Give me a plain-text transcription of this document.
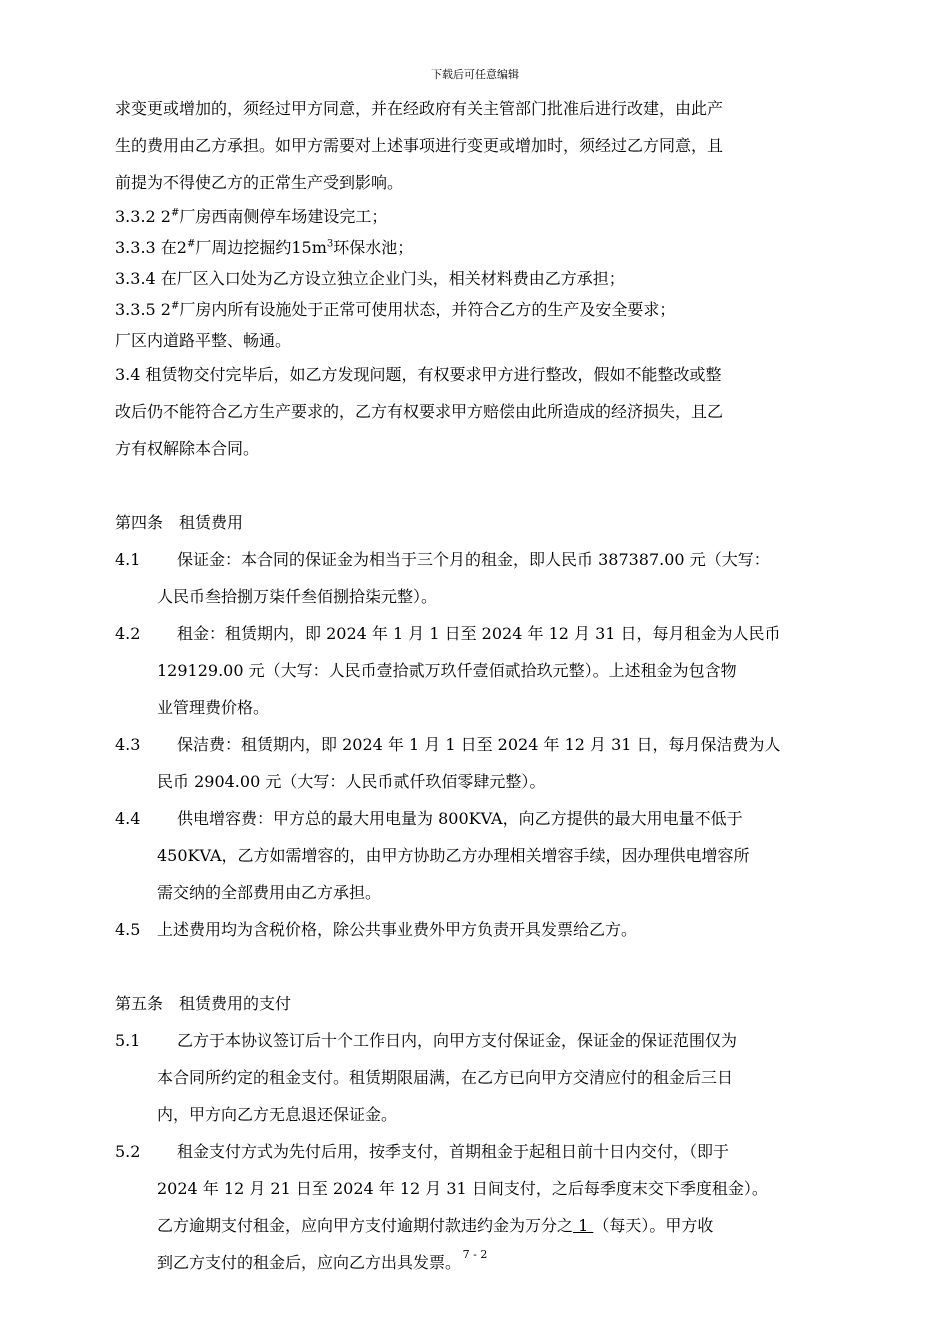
下载后可任意编辑

求变更或增加的，须经过甲方同意，并在经政府有关主管部门批准后进行改建，由此产

生的费用由乙方承担。如甲方需要对上述事项进行变更或增加时，须经过乙方同意，且

前提为不得使乙方的正常生产受到影响。

3.3.2 2#厂房西南侧停车场建设完工；

3.3.3 在2#厂周边挖掘约$15m^3$环保水池；

3.3.4 在厂区入口处为乙方设立独立企业门头，相关材料费由乙方承担；

3.3.5 2#厂房内所有设施处于正常可使用状态，并符合乙方的生产及安全要求；

厂区内道路平整、畅通。

3.4 租赁物交付完毕后，如乙方发现问题，有权要求甲方进行整改，假如不能整改或整

改后仍不能符合乙方生产要求的，乙方有权要求甲方赔偿由此所造成的经济损失，且乙

方有权解除本合同。

第四条　租赁费用

4.1	保证金：本合同的保证金为相当于三个月的租金，即人民币 387387.00 元（大写：
人民币叁拾捌万柒仟叁佰捌拾柒元整）。
4.2	租金：租赁期内，即 2024 年 1 月 1 日至 2024 年 12 月 31 日，每月租金为人民币
129129.00 元（大写：人民币壹拾贰万玖仟壹佰贰拾玖元整）。上述租金为包含物
业管理费价格。
4.3	保洁费：租赁期内，即 2024 年 1 月 1 日至 2024 年 12 月 31 日，每月保洁费为人
民币 2904.00 元（大写：人民币贰仟玖佰零肆元整）。
4.4	供电增容费：甲方总的最大用电量为 800KVA，向乙方提供的最大用电量不低于
450KVA，乙方如需增容的，由甲方协助乙方办理相关增容手续，因办理供电增容所
需交纳的全部费用由乙方承担。
4.5	上述费用均为含税价格，除公共事业费外甲方负责开具发票给乙方。

第五条　租赁费用的支付

5.1	乙方于本协议签订后十个工作日内，向甲方支付保证金，保证金的保证范围仅为
本合同所约定的租金支付。租赁期限届满，在乙方已向甲方交清应付的租金后三日
内，甲方向乙方无息退还保证金。
5.2	租金支付方式为先付后用，按季支付，首期租金于起租日前十日内交付，（即于
2024 年 12 月 21 日至 2024 年 12 月 31 日间支付，之后每季度末交下季度租金）。
乙方逾期支付租金，应向甲方支付逾期付款违约金为万分之 1 （每天）。甲方收
到乙方支付的租金后，应向乙方出具发票。 7 - 2
